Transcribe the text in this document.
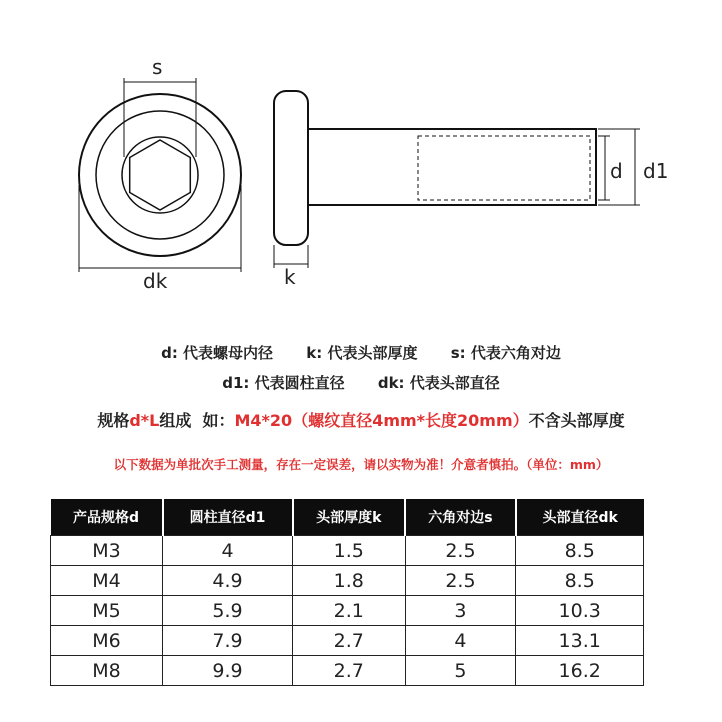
s
dk
d d1
k
d: 代表螺母内径 k: 代表头部厚度 s: 代表六角对边
d1: 代表圆柱直径 dk: 代表头部直径
规格d*L组成  如：M4*20（螺纹直径4mm*长度20mm）不含头部厚度
以下数据为单批次手工测量，存在一定误差，请以实物为准！介意者慎拍。（单位：mm）
产品规格d	圆柱直径d1	头部厚度k	六角对边s	头部直径dk
M3	4	1.5	2.5	8.5
M4	4.9	1.8	2.5	8.5
M5	5.9	2.1	3	10.3
M6	7.9	2.7	4	13.1
M8	9.9	2.7	5	16.2
